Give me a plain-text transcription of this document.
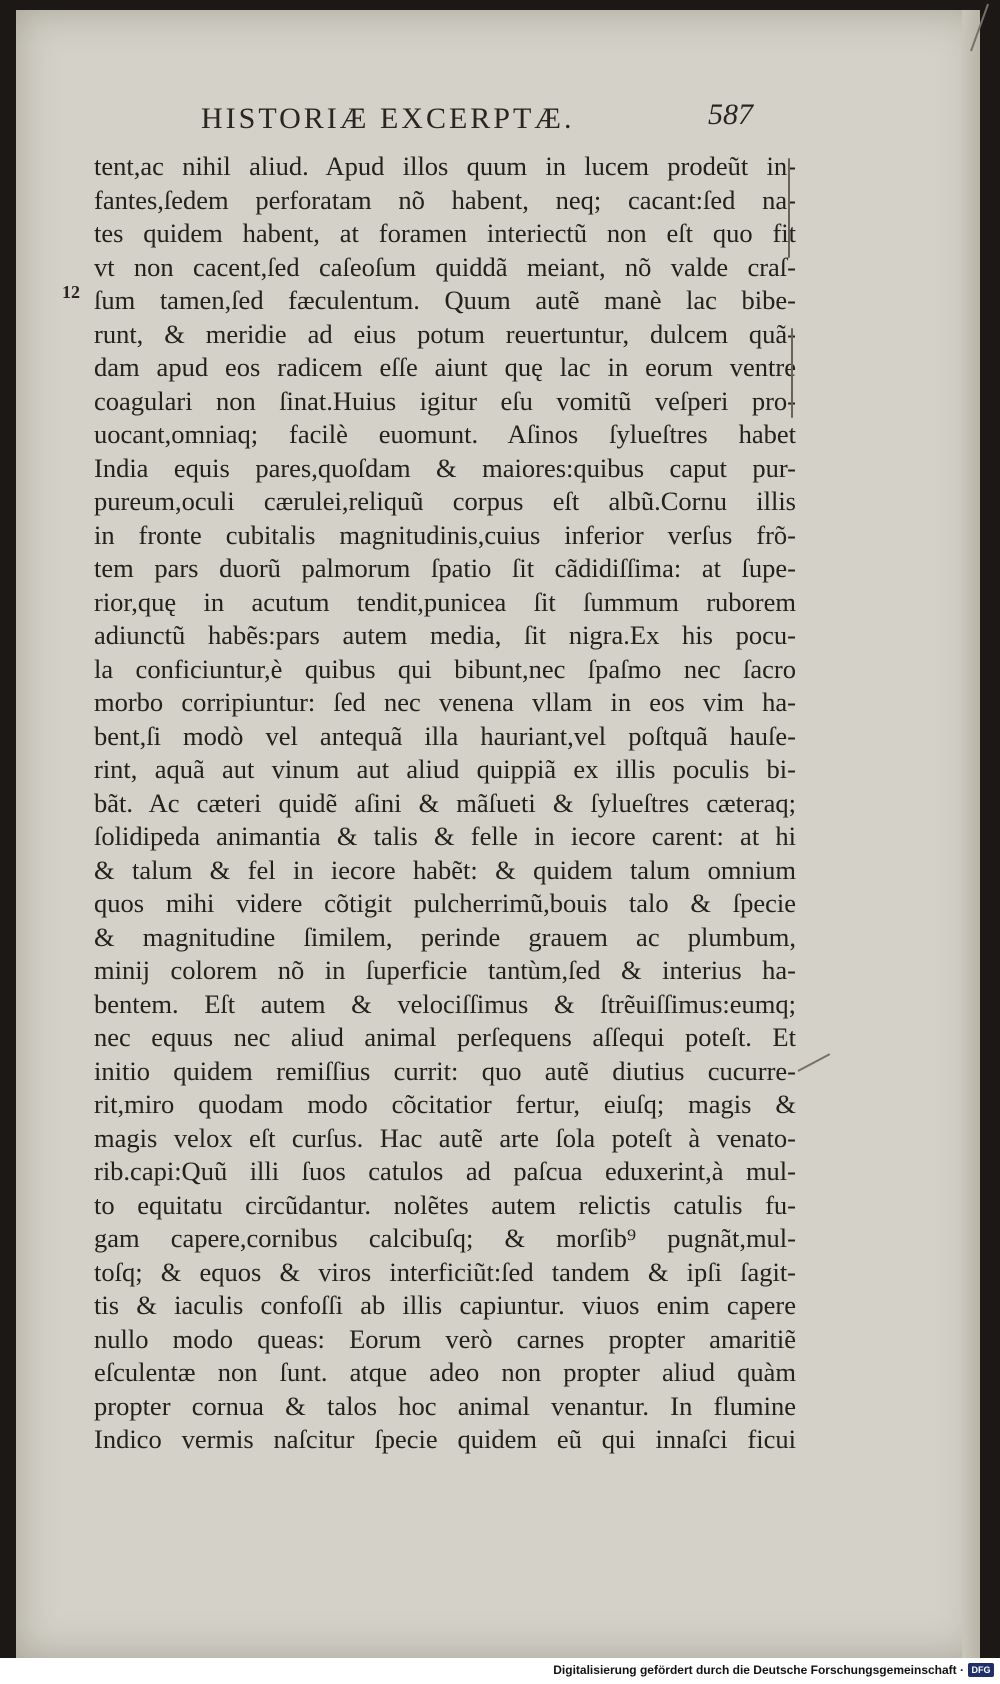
HISTORIÆ EXCERPTÆ.	587
12
tent,ac nihil aliud. Apud illos quum in lucem prodeũt in-
fantes,ſedem perforatam nõ habent, neq; cacant:ſed na-
tes quidem habent, at foramen interiectũ non eſt quo fit
vt non cacent,ſed caſeoſum quiddã meiant, nõ valde craſ-
ſum tamen,ſed fæculentum. Quum autẽ manè lac bibe-
runt, & meridie ad eius potum reuertuntur, dulcem quã-
dam apud eos radicem eſſe aiunt quę lac in eorum ventre
coagulari non ſinat.Huius igitur eſu vomitũ veſperi pro-
uocant,omniaq; facilè euomunt. Aſinos ſylueſtres habet
India equis pares,quoſdam & maiores:quibus caput pur-
pureum,oculi cærulei,reliquũ corpus eſt albũ.Cornu illis
in fronte cubitalis magnitudinis,cuius inferior verſus frõ-
tem pars duorũ palmorum ſpatio ſit cãdidiſſima: at ſupe-
rior,quę in acutum tendit,punicea ſit ſummum ruborem
adiunctũ habẽs:pars autem media, ſit nigra.Ex his pocu-
la conficiuntur,è quibus qui bibunt,nec ſpaſmo nec ſacro
morbo corripiuntur: ſed nec venena vllam in eos vim ha-
bent,ſi modò vel antequã illa hauriant,vel poſtquã hauſe-
rint, aquã aut vinum aut aliud quippiã ex illis poculis bi-
bãt. Ac cæteri quidẽ aſini & mãſueti & ſylueſtres cæteraq;
ſolidipeda animantia & talis & felle in iecore carent: at hi
& talum & fel in iecore habẽt: & quidem talum omnium
quos mihi videre cõtigit pulcherrimũ,bouis talo & ſpecie
& magnitudine ſimilem, perinde grauem ac plumbum,
minij colorem nõ in ſuperficie tantùm,ſed & interius ha-
bentem. Eſt autem & velociſſimus & ſtrẽuiſſimus:eumq;
nec equus nec aliud animal perſequens aſſequi poteſt. Et
initio quidem remiſſius currit: quo autẽ diutius cucurre-
rit,miro quodam modo cõcitatior fertur, eiuſq; magis &
magis velox eſt curſus. Hac autẽ arte ſola poteſt à venato-
rib.capi:Quũ illi ſuos catulos ad paſcua eduxerint,à mul-
to equitatu circũdantur. nolẽtes autem relictis catulis fu-
gam capere,cornibus calcibuſq; & morſib⁹ pugnãt,mul-
toſq; & equos & viros interficiũt:ſed tandem & ipſi ſagit-
tis & iaculis confoſſi ab illis capiuntur. viuos enim capere
nullo modo queas: Eorum verò carnes propter amaritiẽ
eſculentæ non ſunt. atque adeo non propter aliud quàm
propter cornua & talos hoc animal venantur. In flumine
Indico vermis naſcitur ſpecie quidem eũ qui innaſci ficui
Digitalisierung gefördert durch die Deutsche Forschungsgemeinschaft · DFG
